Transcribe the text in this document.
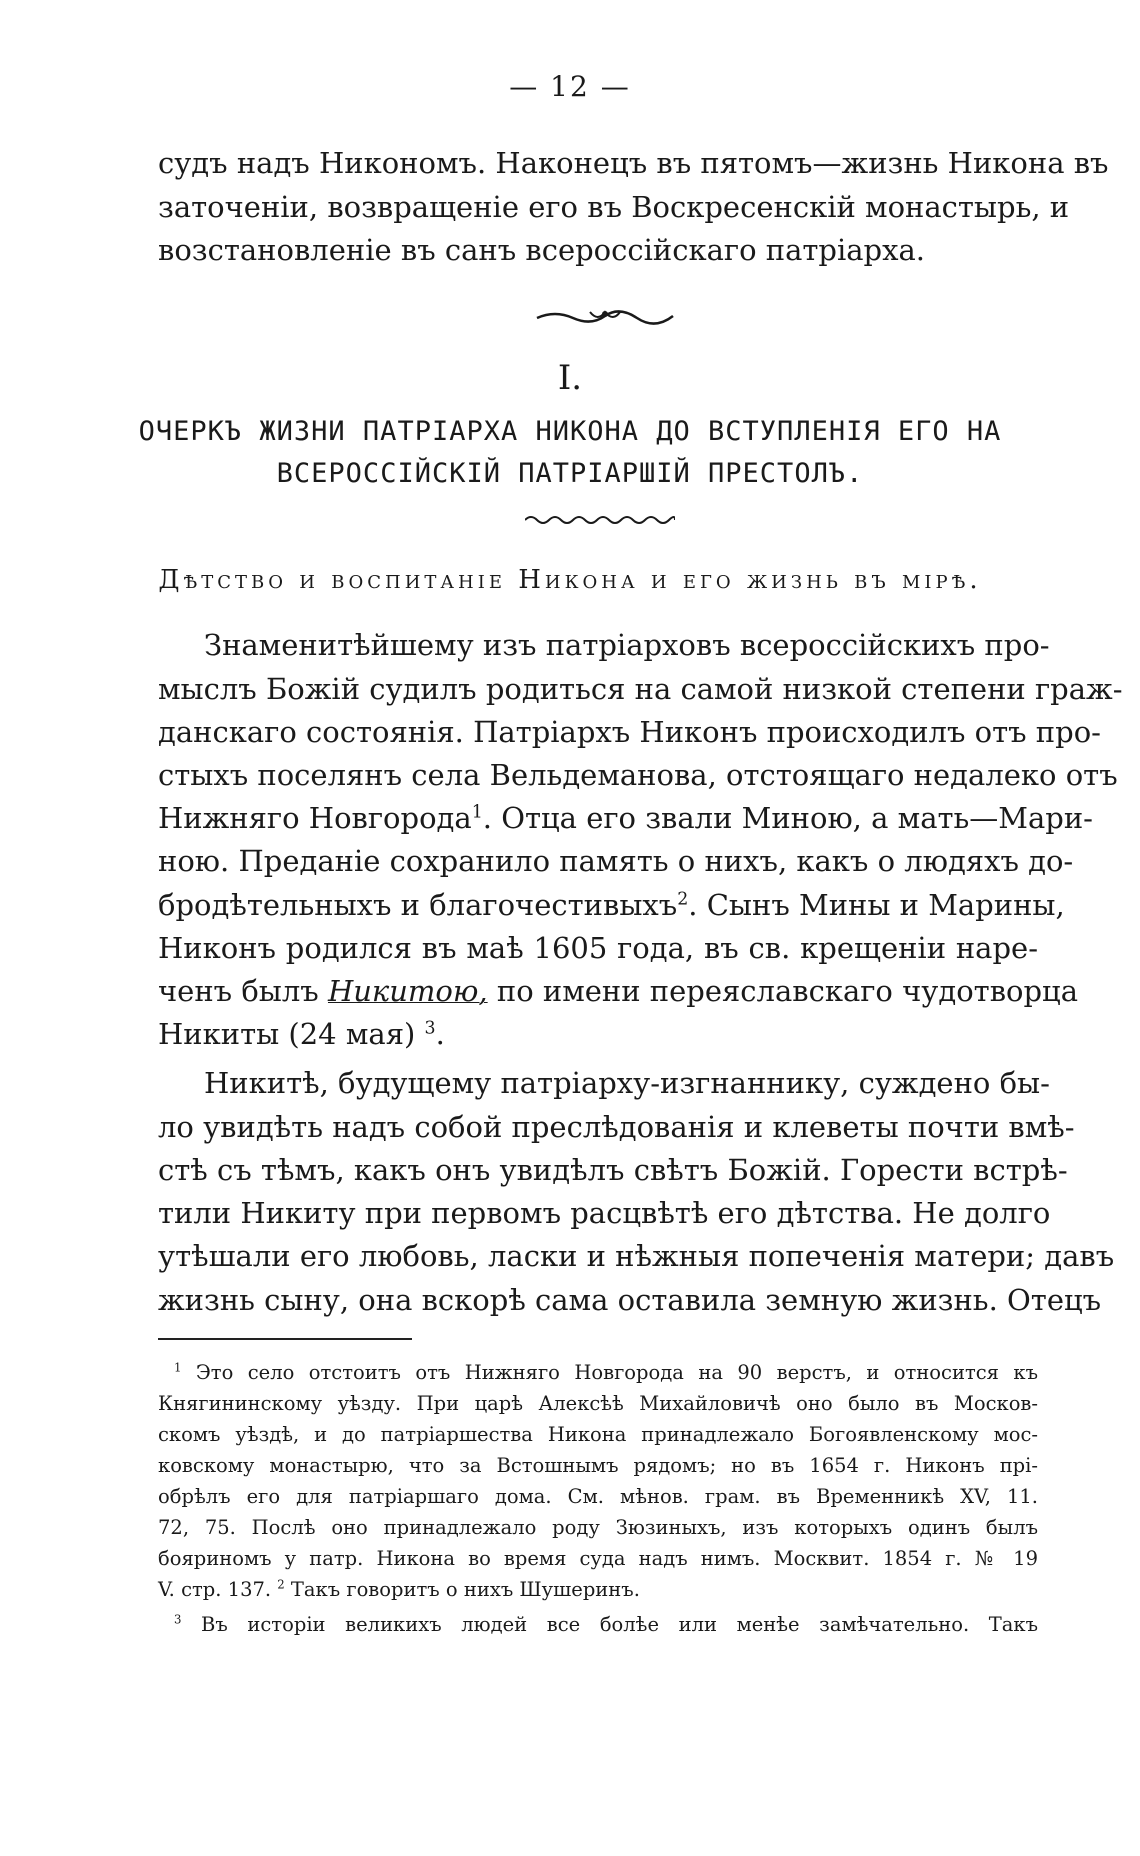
— 12 —
судъ надъ Никономъ. Наконецъ въ пятомъ—жизнь Никона въ
заточеніи, возвращеніе его въ Воскресенскій монастырь, и
возстановленіе въ санъ всероссійскаго патріарха.
I.
ОЧЕРКЪ ЖИЗНИ ПАТРІАРХА НИКОНА ДО ВСТУПЛЕНІЯ ЕГО НА
ВСЕРОССІЙСКІЙ ПАТРІАРШІЙ ПРЕСТОЛЪ.
Дѣтство и воспитаніе Никона и его жизнь въ мірѣ.
Знаменитѣйшему изъ патріарховъ всероссійскихъ про-
мыслъ Божій судилъ родиться на самой низкой степени граж-
данскаго состоянія. Патріархъ Никонъ происходилъ отъ про-
стыхъ поселянъ села Вельдеманова, отстоящаго недалеко отъ
Нижняго Новгорода$^1$. Отца его звали Миною, а мать—Мари-
ною. Преданіе сохранило память о нихъ, какъ о людяхъ до-
бродѣтельныхъ и благочестивыхъ$^2$. Сынъ Мины и Марины,
Никонъ родился въ маѣ 1605 года, въ св. крещеніи наре-
ченъ былъ Никитою, по имени переяславскаго чудотворца
Никиты (24 мая) $^3$.
Никитѣ, будущему патріарху-изгнаннику, суждено бы-
ло увидѣть надъ собой преслѣдованія и клеветы почти вмѣ-
стѣ съ тѣмъ, какъ онъ увидѣлъ свѣтъ Божій. Горести встрѣ-
тили Никиту при первомъ расцвѣтѣ его дѣтства. Не долго
утѣшали его любовь, ласки и нѣжныя попеченія матери; давъ
жизнь сыну, она вскорѣ сама оставила земную жизнь. Отецъ
$^1$ Это село отстоитъ отъ Нижняго Новгорода на 90 верстъ, и относится къ
Княгининскому уѣзду. При царѣ Алексѣѣ Михайловичѣ оно было въ Москов-
скомъ уѣздѣ, и до патріаршества Никона принадлежало Богоявленскому мос-
ковскому монастырю, что за Встошнымъ рядомъ; но въ 1654 г. Никонъ прі-
обрѣлъ его для патріаршаго дома. См. мѣнов. грам. въ Временникѣ XV, 11.
72, 75. Послѣ оно принадлежало роду Зюзиныхъ, изъ которыхъ одинъ былъ
бояриномъ у патр. Никона во время суда надъ нимъ. Москвит. 1854 г. № 19
V. стр. 137. $^2$ Такъ говоритъ о нихъ Шушеринъ.
$^3$ Въ исторіи великихъ людей все болѣе или менѣе замѣчательно. Такъ
